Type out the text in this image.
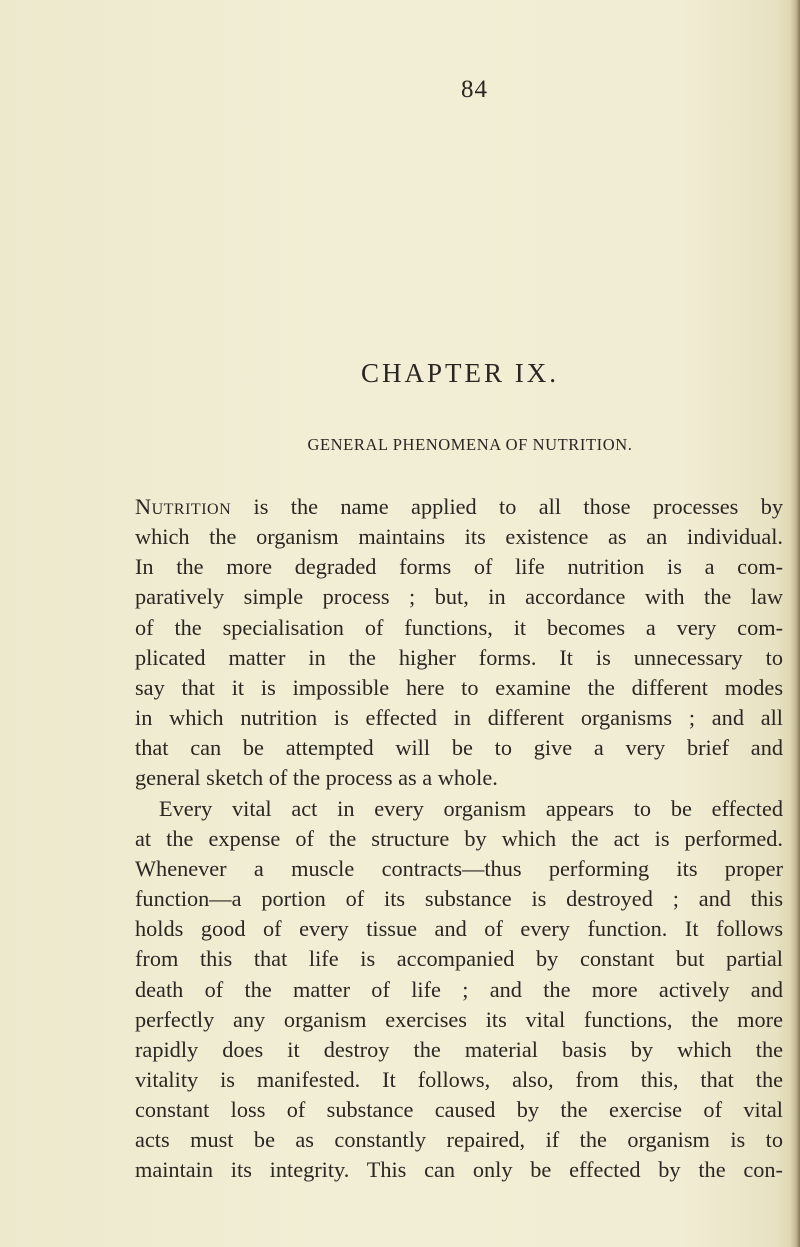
84
CHAPTER IX.
GENERAL PHENOMENA OF NUTRITION.

Nutrition is the name applied to all those processes by
which the organism maintains its existence as an individual.
In the more degraded forms of life nutrition is a com-
paratively simple process ; but, in accordance with the law
of the specialisation of functions, it becomes a very com-
plicated matter in the higher forms. It is unnecessary to
say that it is impossible here to examine the different modes
in which nutrition is effected in different organisms ; and all
that can be attempted will be to give a very brief and
general sketch of the process as a whole.

Every vital act in every organism appears to be effected
at the expense of the structure by which the act is performed.
Whenever a muscle contracts—thus performing its proper
function—a portion of its substance is destroyed ; and this
holds good of every tissue and of every function. It follows
from this that life is accompanied by constant but partial
death of the matter of life ; and the more actively and
perfectly any organism exercises its vital functions, the more
rapidly does it destroy the material basis by which the
vitality is manifested. It follows, also, from this, that the
constant loss of substance caused by the exercise of vital
acts must be as constantly repaired, if the organism is to
maintain its integrity. This can only be effected by the con-
